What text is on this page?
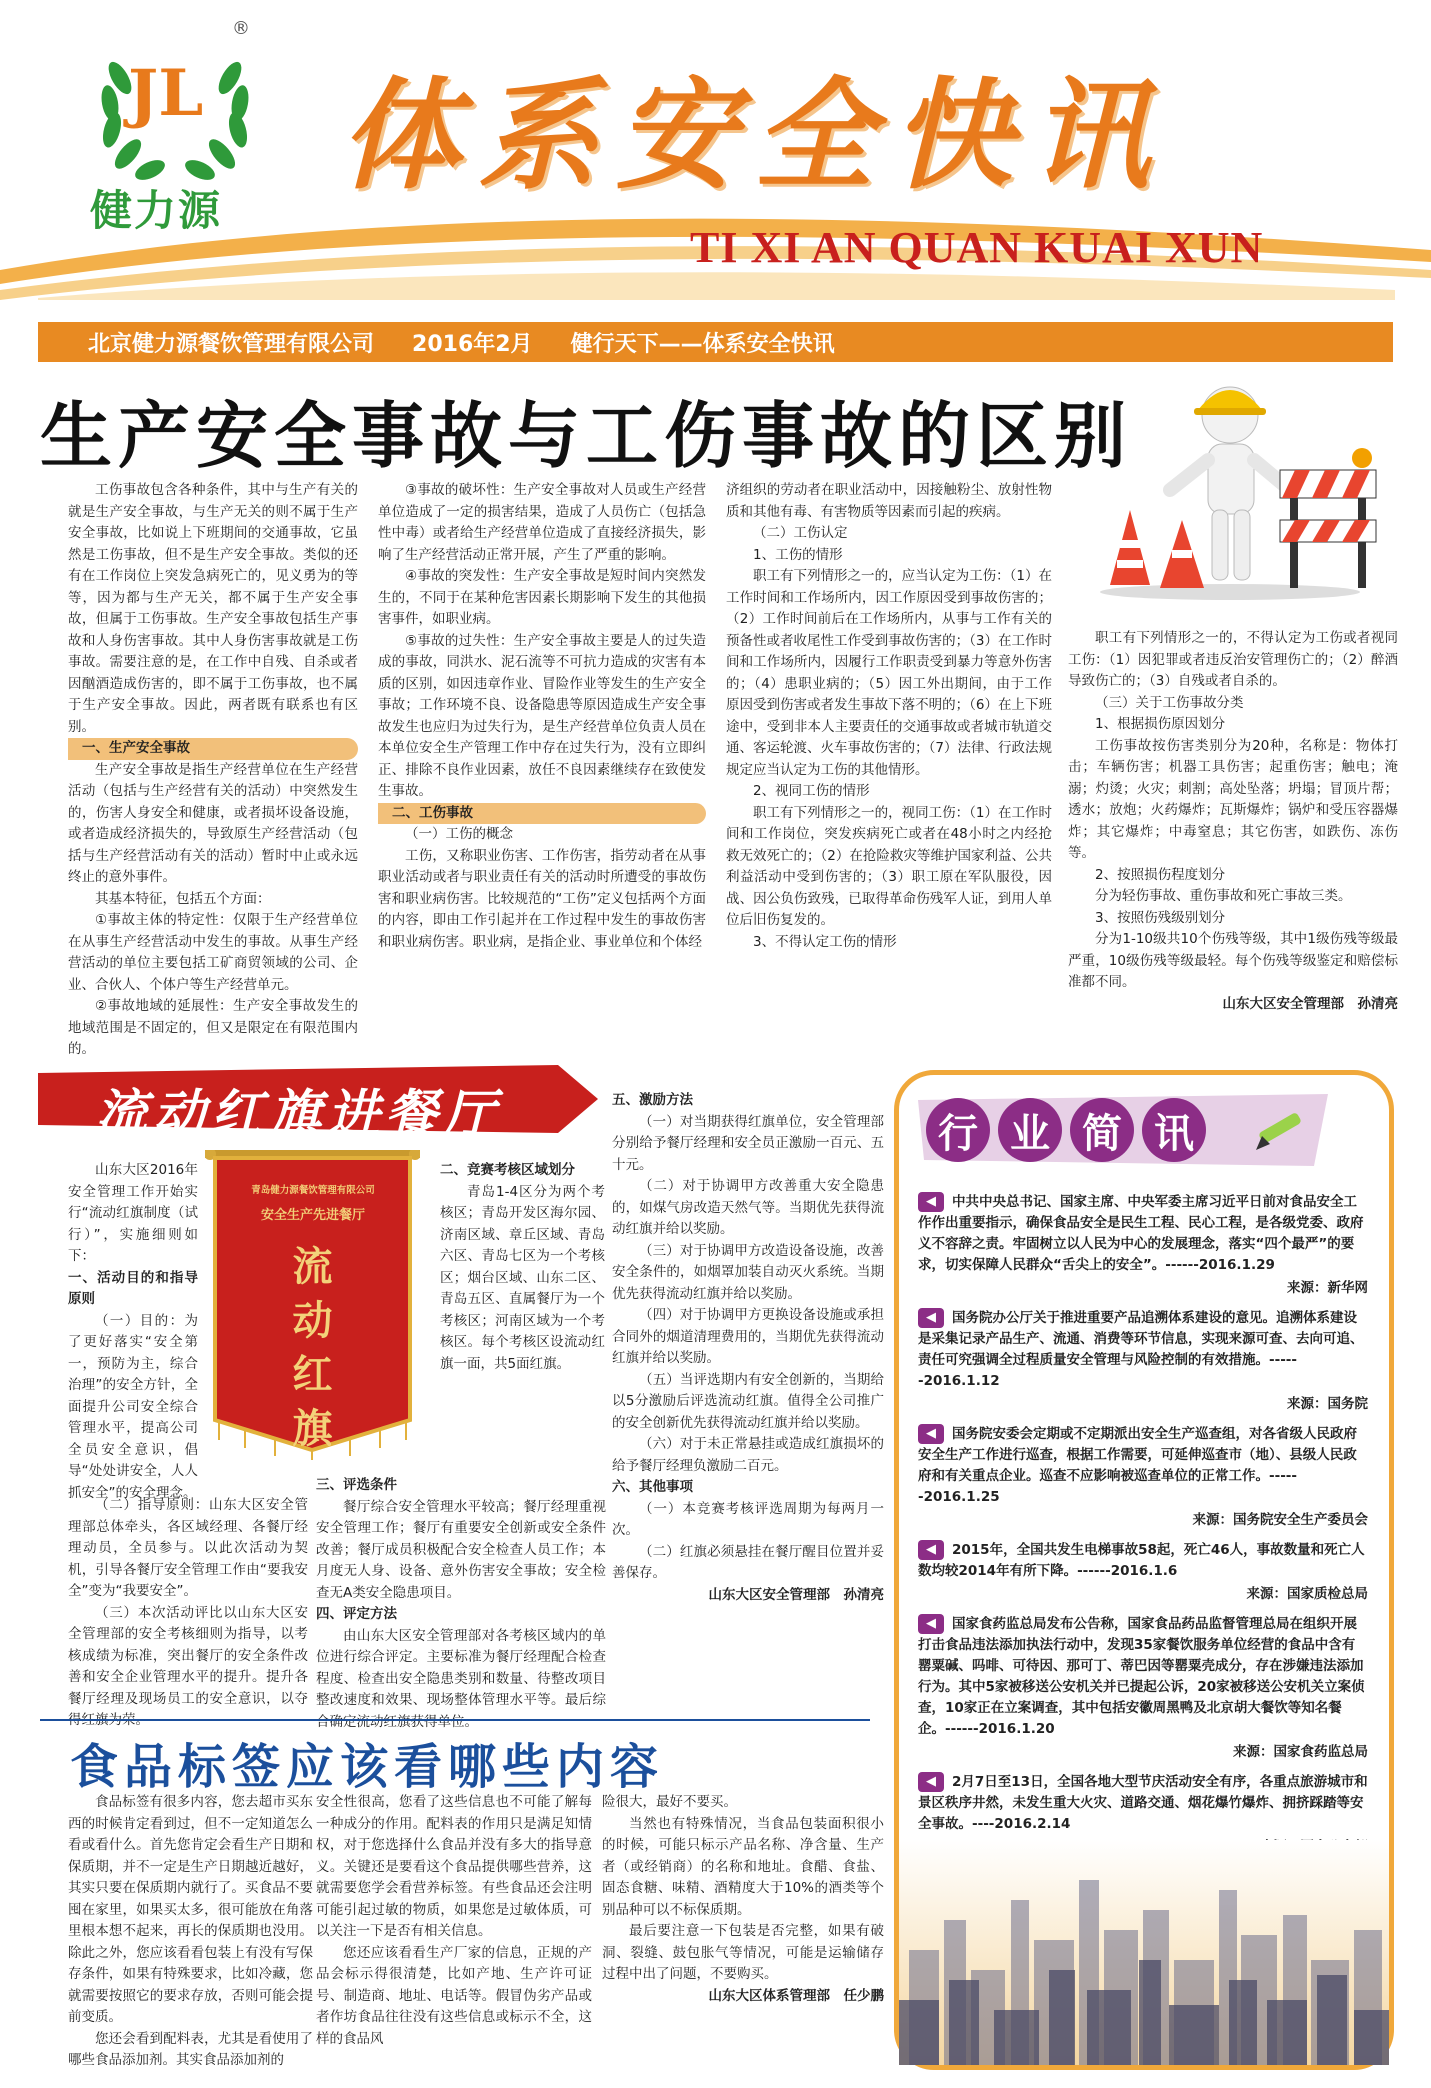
JL
®
健力源
体系安全快讯
TI XI AN QUAN KUAI XUN
北京健力源餐饮管理有限公司 2016年2月 健行天下——体系安全快讯
生产安全事故与工伤事故的区别

工伤事故包含各种条件，其中与生产有关的就是生产安全事故，与生产无关的则不属于生产安全事故，比如说上下班期间的交通事故，它虽然是工伤事故，但不是生产安全事故。类似的还有在工作岗位上突发急病死亡的，见义勇为的等等，因为都与生产无关，都不属于生产安全事故，但属于工伤事故。生产安全事故包括生产事故和人身伤害事故。其中人身伤害事故就是工伤事故。需要注意的是，在工作中自残、自杀或者因酗酒造成伤害的，即不属于工伤事故，也不属于生产安全事故。因此，两者既有联系也有区别。

一、生产安全事故

生产安全事故是指生产经营单位在生产经营活动（包括与生产经营有关的活动）中突然发生的，伤害人身安全和健康，或者损坏设备设施，或者造成经济损失的，导致原生产经营活动（包括与生产经营活动有关的活动）暂时中止或永远终止的意外事件。

其基本特征，包括五个方面：

①事故主体的特定性：仅限于生产经营单位在从事生产经营活动中发生的事故。从事生产经营活动的单位主要包括工矿商贸领域的公司、企业、合伙人、个体户等生产经营单元。

②事故地域的延展性：生产安全事故发生的地域范围是不固定的，但又是限定在有限范围内的。

③事故的破坏性：生产安全事故对人员或生产经营单位造成了一定的损害结果，造成了人员伤亡（包括急性中毒）或者给生产经营单位造成了直接经济损失，影响了生产经营活动正常开展，产生了严重的影响。

④事故的突发性：生产安全事故是短时间内突然发生的，不同于在某种危害因素长期影响下发生的其他损害事件，如职业病。

⑤事故的过失性：生产安全事故主要是人的过失造成的事故，同洪水、泥石流等不可抗力造成的灾害有本质的区别，如因违章作业、冒险作业等发生的生产安全事故；工作环境不良、设备隐患等原因造成生产安全事故发生也应归为过失行为，是生产经营单位负责人员在本单位安全生产管理工作中存在过失行为，没有立即纠正、排除不良作业因素，放任不良因素继续存在致使发生事故。

二、工伤事故

（一）工伤的概念

工伤，又称职业伤害、工作伤害，指劳动者在从事职业活动或者与职业责任有关的活动时所遭受的事故伤害和职业病伤害。比较规范的“工伤”定义包括两个方面的内容，即由工作引起并在工作过程中发生的事故伤害和职业病伤害。职业病，是指企业、事业单位和个体经

济组织的劳动者在职业活动中，因接触粉尘、放射性物质和其他有毒、有害物质等因素而引起的疾病。

（二）工伤认定

1、工伤的情形

职工有下列情形之一的，应当认定为工伤：（1）在工作时间和工作场所内，因工作原因受到事故伤害的；（2）工作时间前后在工作场所内，从事与工作有关的预备性或者收尾性工作受到事故伤害的；（3）在工作时间和工作场所内，因履行工作职责受到暴力等意外伤害的；（4）患职业病的；（5）因工外出期间，由于工作原因受到伤害或者发生事故下落不明的；（6）在上下班途中，受到非本人主要责任的交通事故或者城市轨道交通、客运轮渡、火车事故伤害的；（7）法律、行政法规规定应当认定为工伤的其他情形。

2、视同工伤的情形

职工有下列情形之一的，视同工伤：（1）在工作时间和工作岗位，突发疾病死亡或者在48小时之内经抢救无效死亡的；（2）在抢险救灾等维护国家利益、公共利益活动中受到伤害的；（3）职工原在军队服役，因战、因公负伤致残，已取得革命伤残军人证，到用人单位后旧伤复发的。

3、不得认定工伤的情形

职工有下列情形之一的，不得认定为工伤或者视同工伤：（1）因犯罪或者违反治安管理伤亡的；（2）醉酒导致伤亡的；（3）自残或者自杀的。

（三）关于工伤事故分类

1、根据损伤原因划分

工伤事故按伤害类别分为20种，名称是：物体打击；车辆伤害；机器工具伤害；起重伤害；触电；淹溺；灼烫；火灾；刺割；高处坠落；坍塌；冒顶片帮；透水；放炮；火药爆炸；瓦斯爆炸；锅炉和受压容器爆炸；其它爆炸；中毒窒息；其它伤害，如跌伤、冻伤等。

2、按照损伤程度划分

分为轻伤事故、重伤事故和死亡事故三类。

3、按照伤残级别划分

分为1-10级共10个伤残等级，其中1级伤残等级最严重，10级伤残等级最轻。每个伤残等级鉴定和赔偿标准都不同。

山东大区安全管理部　孙清亮

流动红旗进餐厅
青岛健力源餐饮管理有限公司
安全生产先进餐厅
流
动
红
旗

山东大区2016年安全管理工作开始实行“流动红旗制度（试行）”，实施细则如下：

一、活动目的和指导原则

（一）目的：为了更好落实“安全第一，预防为主，综合治理”的安全方针，全面提升公司安全综合管理水平，提高公司全员安全意识，倡导“处处讲安全，人人抓安全”的安全理念。

（二）指导原则：山东大区安全管理部总体牵头，各区域经理、各餐厅经理动员，全员参与。以此次活动为契机，引导各餐厅安全管理工作由“要我安全”变为“我要安全”。

（三）本次活动评比以山东大区安全管理部的安全考核细则为指导，以考核成绩为标准，突出餐厅的安全条件改善和安全企业管理水平的提升。提升各餐厅经理及现场员工的安全意识，以夺得红旗为荣。

二、竞赛考核区域划分

青岛1-4区分为两个考核区；青岛开发区海尔园、济南区域、章丘区域、青岛六区、青岛七区为一个考核区；烟台区域、山东二区、青岛五区、直属餐厅为一个考核区；河南区域为一个考核区。每个考核区设流动红旗一面，共5面红旗。

三、评选条件

餐厅综合安全管理水平较高；餐厅经理重视安全管理工作；餐厅有重要安全创新或安全条件改善；餐厅成员积极配合安全检查人员工作；本月度无人身、设备、意外伤害安全事故；安全检查无A类安全隐患项目。

四、评定方法

由山东大区安全管理部对各考核区域内的单位进行综合评定。主要标准为餐厅经理配合检查程度、检查出安全隐患类别和数量、待整改项目整改速度和效果、现场整体管理水平等。最后综合确定流动红旗获得单位。

五、激励方法

（一）对当期获得红旗单位，安全管理部分别给予餐厅经理和安全员正激励一百元、五十元。

（二）对于协调甲方改善重大安全隐患的，如煤气房改造天然气等。当期优先获得流动红旗并给以奖励。

（三）对于协调甲方改造设备设施，改善安全条件的，如烟罩加装自动灭火系统。当期优先获得流动红旗并给以奖励。

（四）对于协调甲方更换设备设施或承担合同外的烟道清理费用的，当期优先获得流动红旗并给以奖励。

（五）当评选期内有安全创新的，当期给以5分激励后评选流动红旗。值得全公司推广的安全创新优先获得流动红旗并给以奖励。

（六）对于未正常悬挂或造成红旗损坏的给予餐厅经理负激励二百元。

六、其他事项

（一）本竞赛考核评选周期为每两月一次。

（二）红旗必须悬挂在餐厅醒目位置并妥善保存。

山东大区安全管理部　孙清亮

行 业 简 讯
◀ 中共中央总书记、国家主席、中央军委主席习近平日前对食品安全工作作出重要指示，确保食品安全是民生工程、民心工程，是各级党委、政府义不容辞之责。牢固树立以人民为中心的发展理念，落实“四个最严”的要求，切实保障人民群众“舌尖上的安全”。------2016.1.29
来源：新华网
◀ 国务院办公厅关于推进重要产品追溯体系建设的意见。追溯体系建设是采集记录产品生产、流通、消费等环节信息，实现来源可查、去向可追、责任可究强调全过程质量安全管理与风险控制的有效措施。------2016.1.12
来源：国务院
◀ 国务院安委会定期或不定期派出安全生产巡查组，对各省级人民政府安全生产工作进行巡查，根据工作需要，可延伸巡查市（地）、县级人民政府和有关重点企业。巡查不应影响被巡查单位的正常工作。------2016.1.25
来源：国务院安全生产委员会
◀ 2015年，全国共发生电梯事故58起，死亡46人，事故数量和死亡人数均较2014年有所下降。------2016.1.6
来源：国家质检总局
◀ 国家食药监总局发布公告称，国家食品药品监督管理总局在组织开展打击食品违法添加执法行动中，发现35家餐饮服务单位经营的食品中含有罂粟碱、吗啡、可待因、那可丁、蒂巴因等罂粟壳成分，存在涉嫌违法添加行为。其中5家被移送公安机关并已提起公诉，20家被移送公安机关立案侦查，10家正在立案调查，其中包括安徽周黑鸭及北京胡大餐饮等知名餐企。------2016.1.20
来源：国家食药监总局
◀ 2月7日至13日，全国各地大型节庆活动安全有序，各重点旅游城市和景区秩序井然，未发生重大火灾、道路交通、烟花爆竹爆炸、拥挤踩踏等安全事故。----2016.2.14
食品标签应该看哪些内容

食品标签有很多内容，您去超市买东西的时候肯定看到过，但不一定知道怎么看或看什么。首先您肯定会看生产日期和保质期，并不一定是生产日期越近越好，其实只要在保质期内就行了。买食品不要囤在家里，如果买太多，很可能放在角落里根本想不起来，再长的保质期也没用。除此之外，您应该看看包装上有没有写保存条件，如果有特殊要求，比如冷藏，您就需要按照它的要求存放，否则可能会提前变质。

您还会看到配料表，尤其是看使用了哪些食品添加剂。其实食品添加剂的

安全性很高，您看了这些信息也不可能了解每一种成分的作用。配料表的作用只是满足知情权，对于您选择什么食品并没有多大的指导意义。关键还是要看这个食品提供哪些营养，这就需要您学会看营养标签。有些食品还会注明可能引起过敏的物质，如果您是过敏体质，可以关注一下是否有相关信息。

您还应该看看生产厂家的信息，正规的产品会标示得很清楚，比如产地、生产许可证号、制造商、地址、电话等。假冒伪劣产品或者作坊食品往往没有这些信息或标示不全，这样的食品风

险很大，最好不要买。

当然也有特殊情况，当食品包装面积很小的时候，可能只标示产品名称、净含量、生产者（或经销商）的名称和地址。食醋、食盐、固态食糖、味精、酒精度大于10%的酒类等个别品种可以不标保质期。

最后要注意一下包装是否完整，如果有破洞、裂缝、鼓包胀气等情况，可能是运输储存过程中出了问题，不要购买。

山东大区体系管理部　任少鹏
